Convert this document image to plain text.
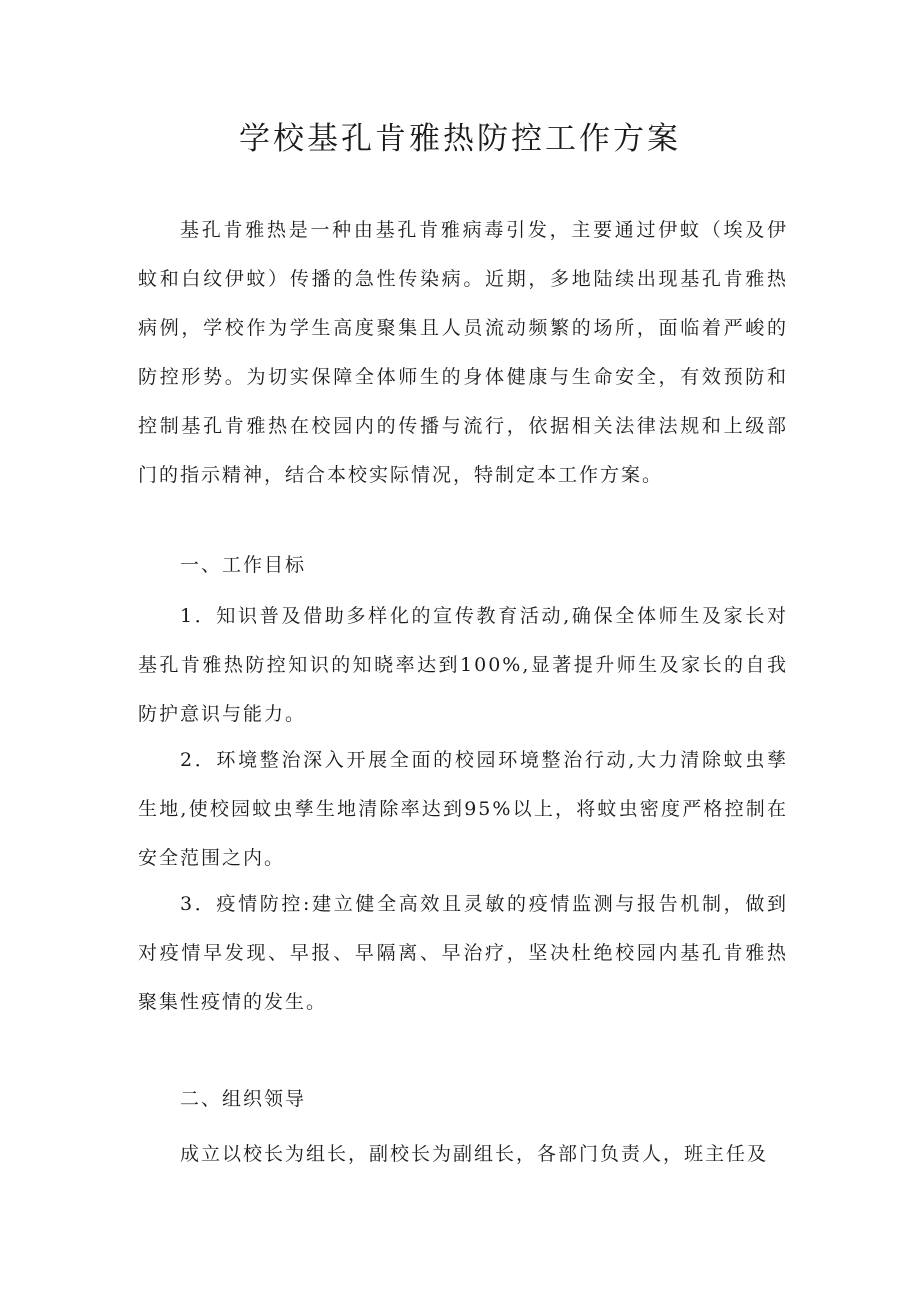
学校基孔肯雅热防控工作方案

基孔肯雅热是一种由基孔肯雅病毒引发，主要通过伊蚊（埃及伊蚊和白纹伊蚊）传播的急性传染病。近期，多地陆续出现基孔肯雅热病例，学校作为学生高度聚集且人员流动频繁的场所，面临着严峻的防控形势。为切实保障全体师生的身体健康与生命安全，有效预防和控制基孔肯雅热在校园内的传播与流行，依据相关法律法规和上级部门的指示精神，结合本校实际情况，特制定本工作方案。

一、工作目标

1．知识普及借助多样化的宣传教育活动,确保全体师生及家长对基孔肯雅热防控知识的知晓率达到100%,显著提升师生及家长的自我防护意识与能力。

2．环境整治深入开展全面的校园环境整治行动,大力清除蚊虫孳生地,使校园蚊虫孳生地清除率达到95%以上，将蚊虫密度严格控制在安全范围之内。

3．疫情防控:建立健全高效且灵敏的疫情监测与报告机制，做到对疫情早发现、早报、早隔离、早治疗，坚决杜绝校园内基孔肯雅热聚集性疫情的发生。

二、组织领导

成立以校长为组长，副校长为副组长，各部门负责人，班主任及
